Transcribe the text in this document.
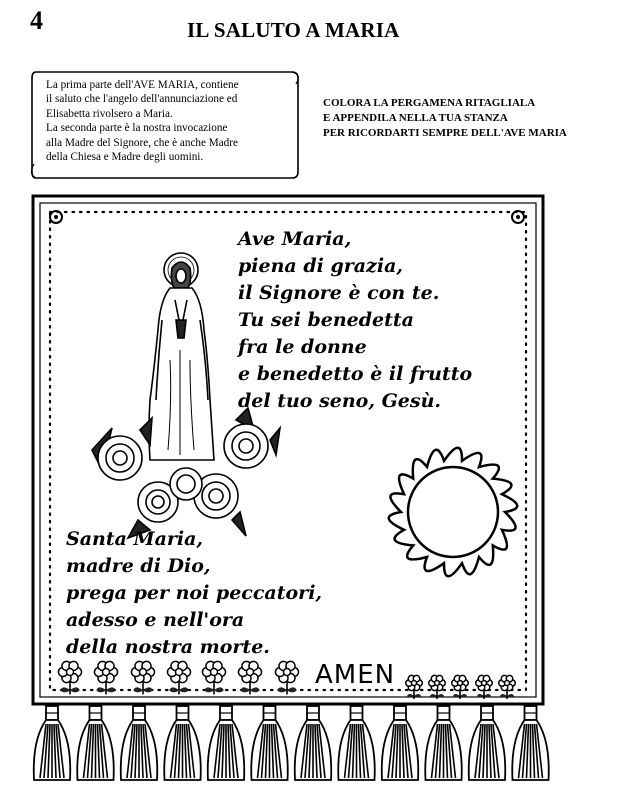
4	IL SALUTO A MARIA
La prima parte dell'AVE MARIA, contiene
il saluto che l'angelo dell'annunciazione ed
Elisabetta rivolsero a Maria.
La seconda parte è la nostra invocazione
alla Madre del Signore, che è anche Madre
della Chiesa e Madre degli uomini.
COLORA LA PERGAMENA RITAGLIALA
E APPENDILA NELLA TUA STANZA
PER RICORDARTI SEMPRE DELL'AVE MARIA
Ave Maria,
piena di grazia,
il Signore è con te.
Tu sei benedetta
fra le donne
e benedetto è il frutto
del tuo seno, Gesù.
Santa Maria,
madre di Dio,
prega per noi peccatori,
adesso e nell'ora
della nostra morte.
AMEN
